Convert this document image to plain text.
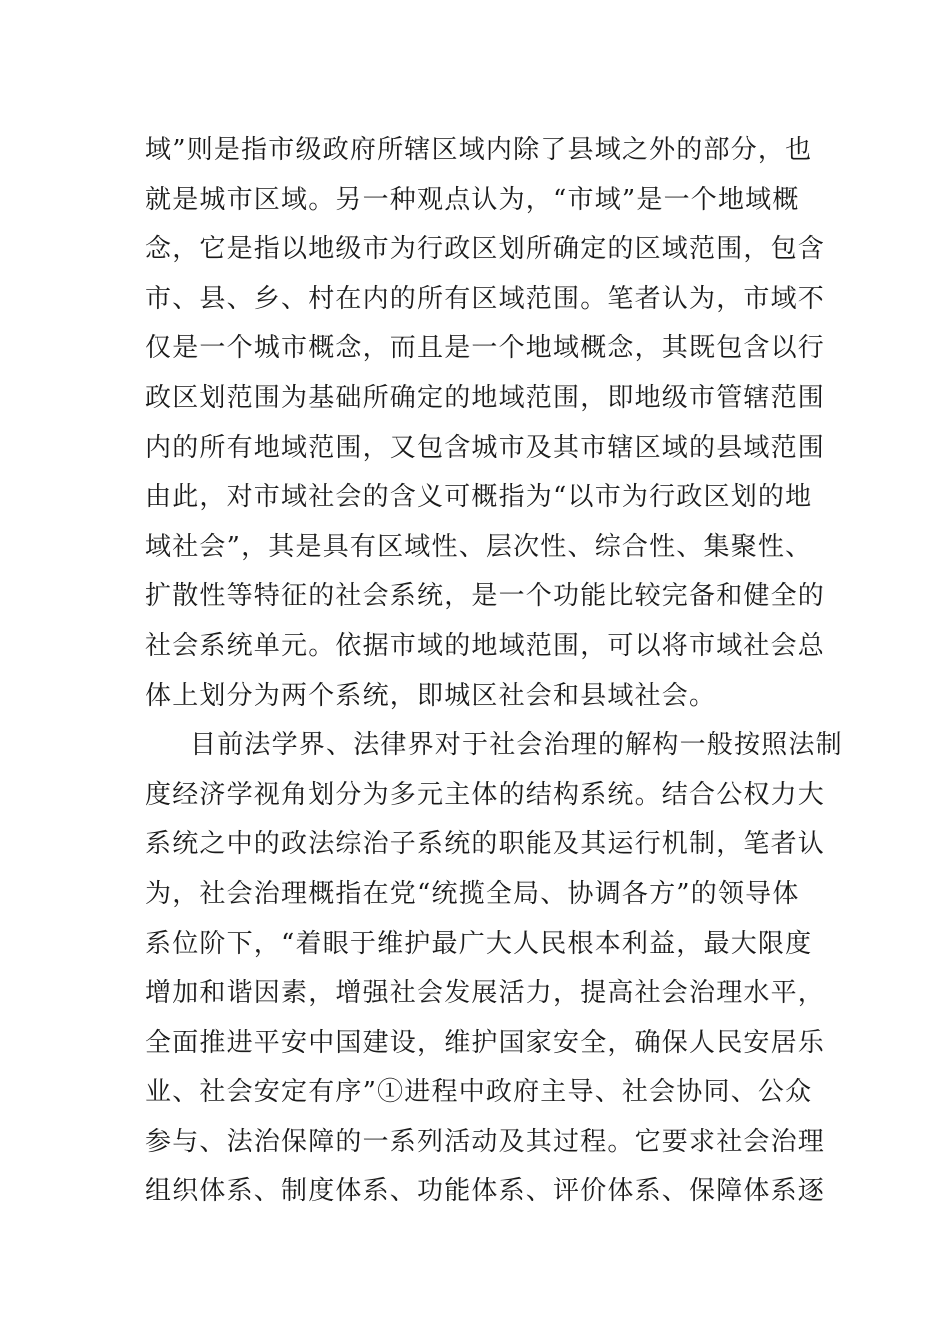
域”则是指市级政府所辖区域内除了县域之外的部分，也
就是城市区域。另一种观点认为，“市域”是一个地域概
念，它是指以地级市为行政区划所确定的区域范围，包含
市、县、乡、村在内的所有区域范围。笔者认为，市域不
仅是一个城市概念，而且是一个地域概念，其既包含以行
政区划范围为基础所确定的地域范围，即地级市管辖范围
内的所有地域范围，又包含城市及其市辖区域的县域范围
由此，对市域社会的含义可概指为“以市为行政区划的地
域社会”，其是具有区域性、层次性、综合性、集聚性、
扩散性等特征的社会系统，是一个功能比较完备和健全的
社会系统单元。依据市域的地域范围，可以将市域社会总
体上划分为两个系统，即城区社会和县域社会。
目前法学界、法律界对于社会治理的解构一般按照法制
度经济学视角划分为多元主体的结构系统。结合公权力大
系统之中的政法综治子系统的职能及其运行机制，笔者认
为，社会治理概指在党“统揽全局、协调各方”的领导体
系位阶下，“着眼于维护最广大人民根本利益，最大限度
增加和谐因素，增强社会发展活力，提高社会治理水平，
全面推进平安中国建设，维护国家安全，确保人民安居乐
业、社会安定有序”①进程中政府主导、社会协同、公众
参与、法治保障的一系列活动及其过程。它要求社会治理
组织体系、制度体系、功能体系、评价体系、保障体系逐
